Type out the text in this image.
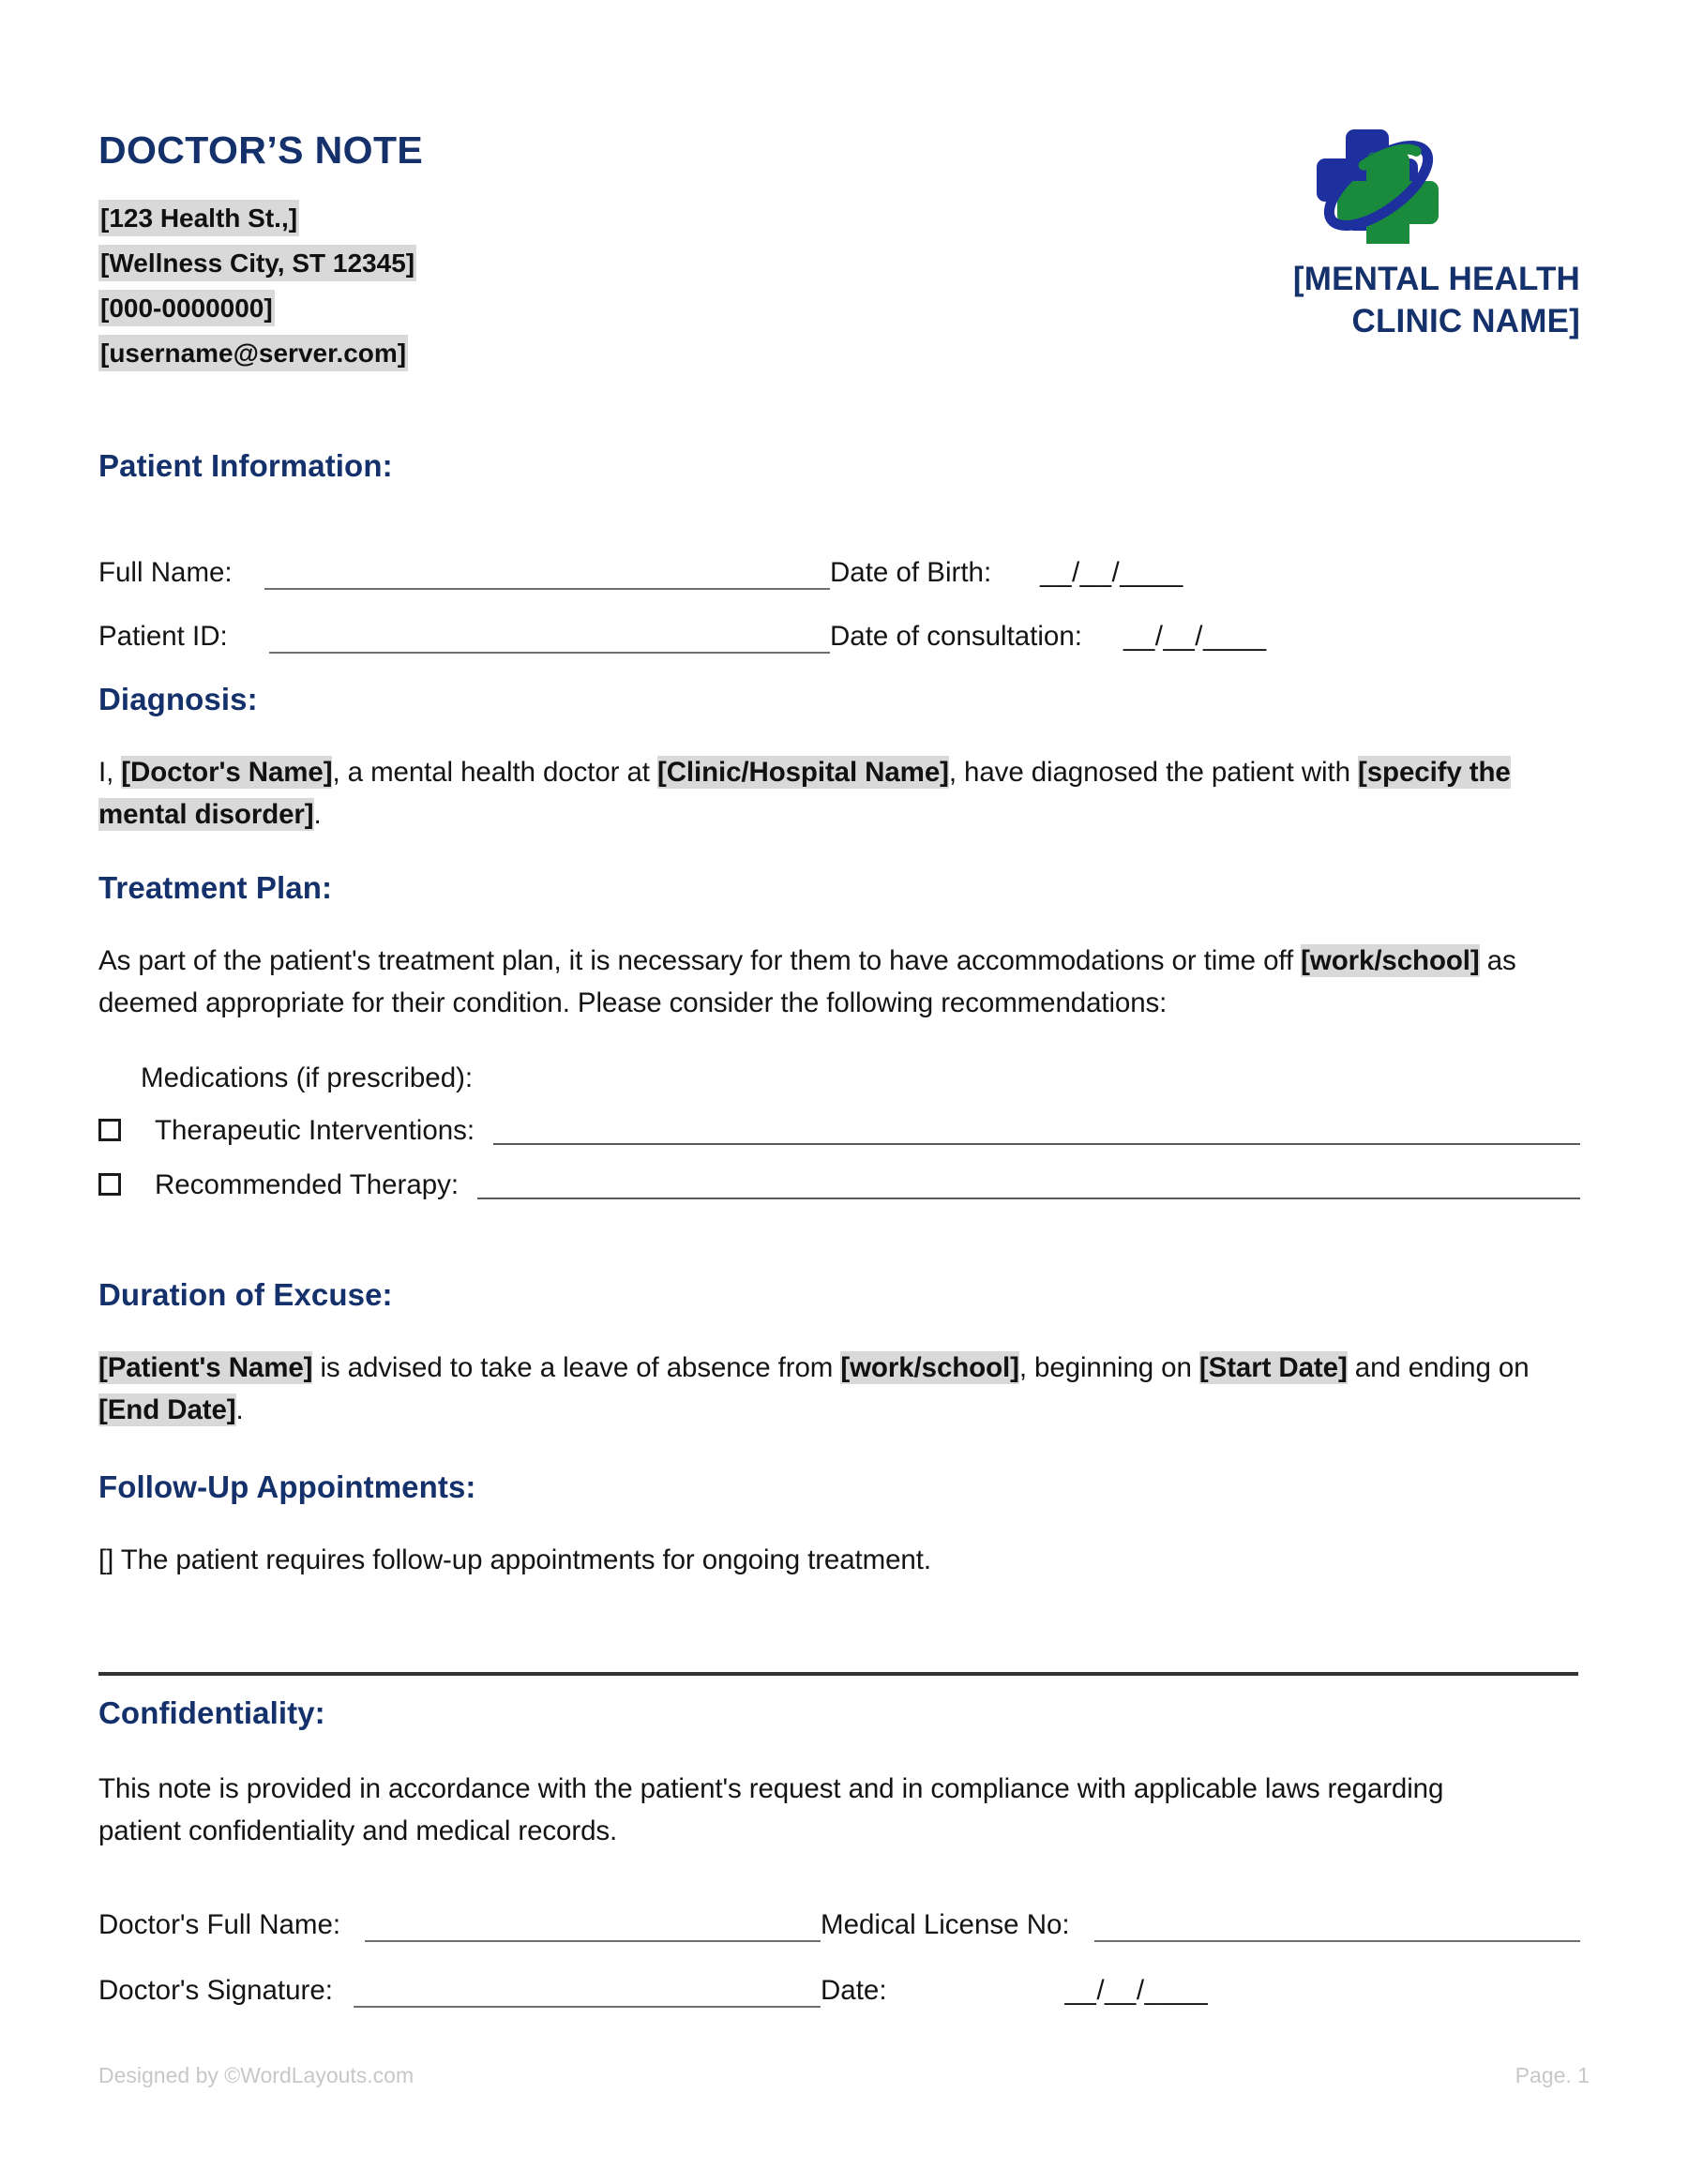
DOCTOR’S NOTE
[123 Health St.,]
[Wellness City, ST 12345]
[000-0000000]
[username@server.com]
[MENTAL HEALTH
CLINIC NAME]
Patient Information:
Full Name:	Date of Birth: __/__/____
Patient ID:	Date of consultation: __/__/____
Diagnosis:

I, [Doctor's Name], a mental health doctor at [Clinic/Hospital Name], have diagnosed the patient with [specify the mental disorder].

Treatment Plan:

As part of the patient's treatment plan, it is necessary for them to have accommodations or time off [work/school] as deemed appropriate for their condition. Please consider the following recommendations:

Medications (if prescribed):
Therapeutic Interventions:
Recommended Therapy:
Duration of Excuse:

[Patient's Name] is advised to take a leave of absence from [work/school], beginning on [Start Date] and ending on [End Date].

Follow-Up Appointments:

[] The patient requires follow-up appointments for ongoing treatment.

Confidentiality:

This note is provided in accordance with the patient's request and in compliance with applicable laws regarding patient confidentiality and medical records.

Doctor's Full Name:	Medical License No:
Doctor's Signature:	Date:	__/__/____
Designed by ©WordLayouts.com	Page. 1
